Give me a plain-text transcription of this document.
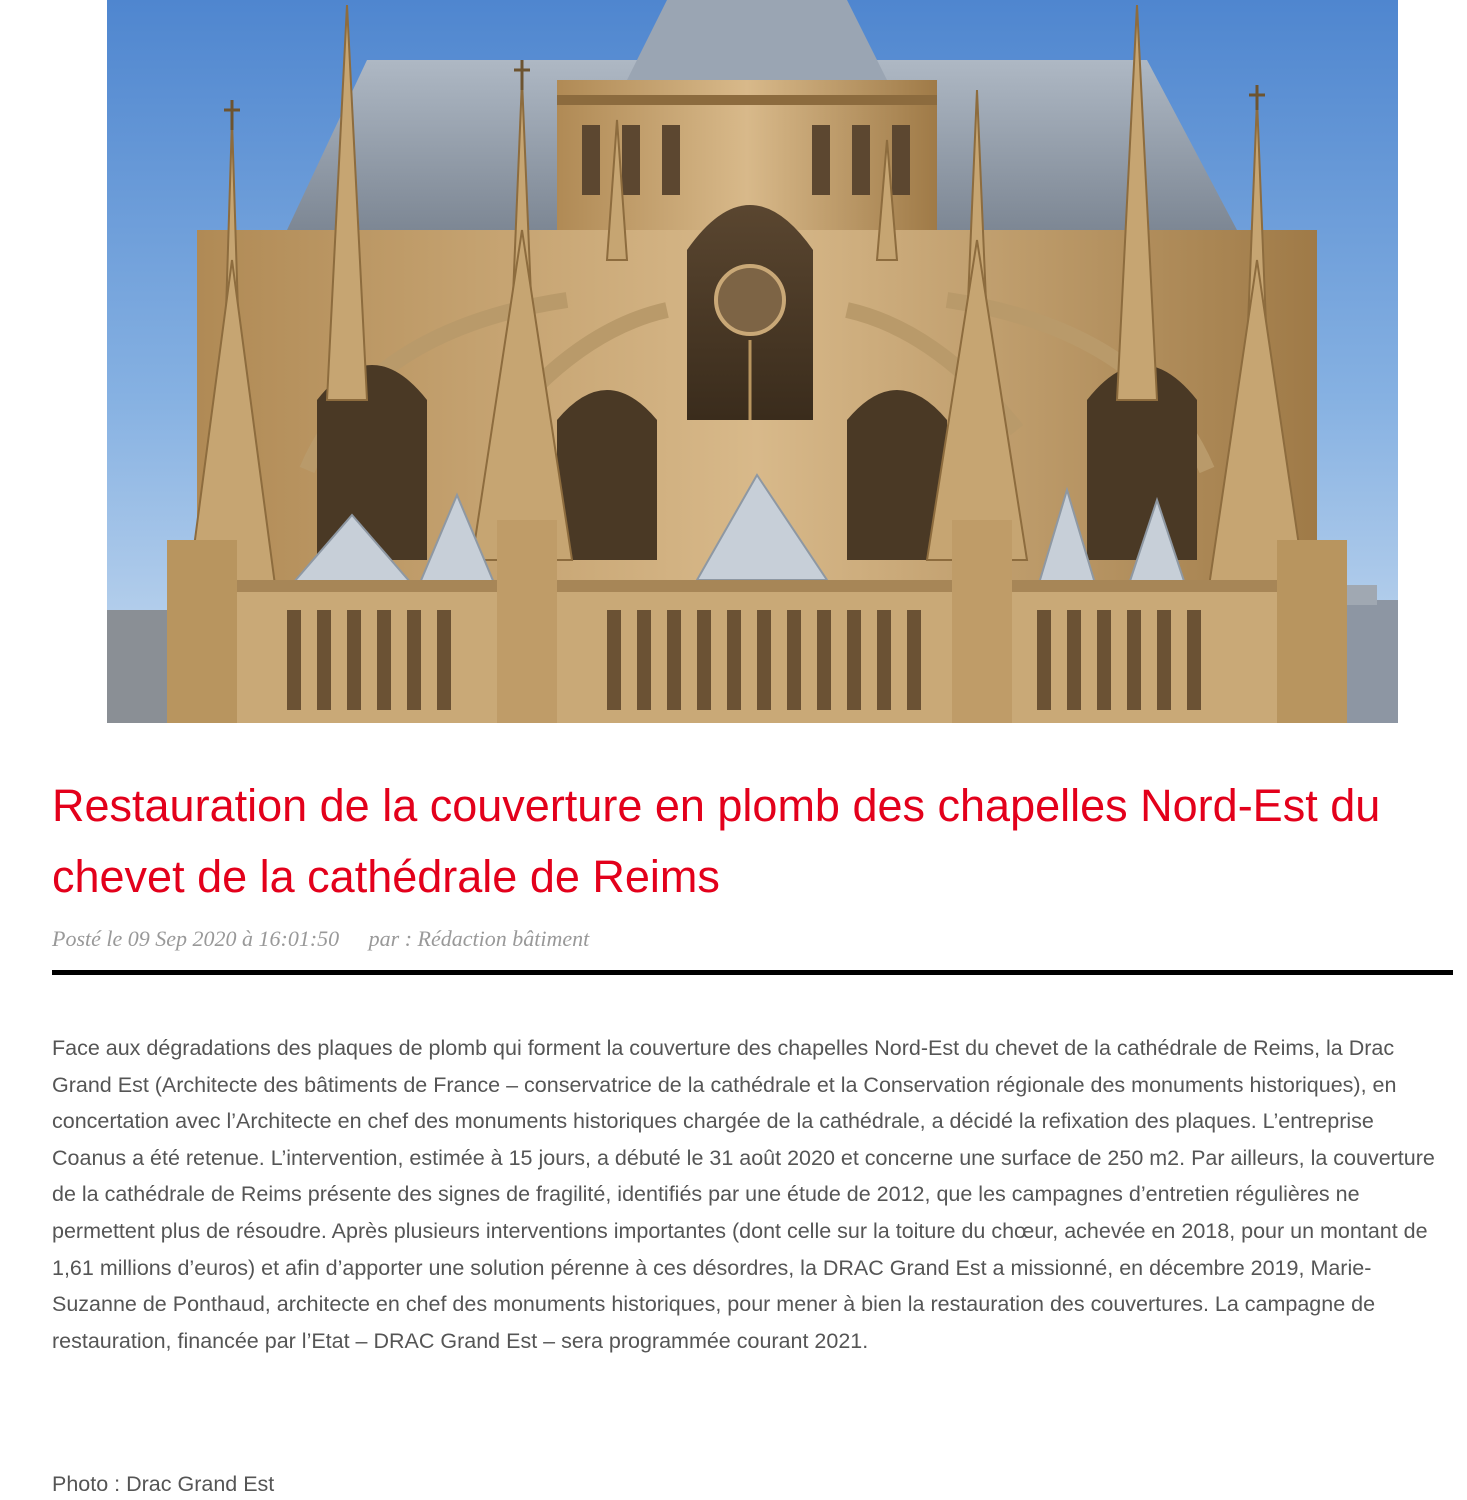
Restauration de la couverture en plomb des chapelles Nord-Est du chevet de la cathédrale de Reims
Posté le 09 Sep 2020 à 16:01:50 par : Rédaction bâtiment

Face aux dégradations des plaques de plomb qui forment la couverture des chapelles Nord-Est du chevet de la cathédrale de Reims, la Drac Grand Est (Architecte des bâtiments de France – conservatrice de la cathédrale et la Conservation régionale des monuments historiques), en concertation avec l’Architecte en chef des monuments historiques chargée de la cathédrale, a décidé la refixation des plaques. L’entreprise Coanus a été retenue. L’intervention, estimée à 15 jours, a débuté le 31 août 2020 et concerne une surface de 250 m2. Par ailleurs, la couverture de la cathédrale de Reims présente des signes de fragilité, identifiés par une étude de 2012, que les campagnes d’entretien régulières ne permettent plus de résoudre. Après plusieurs interventions importantes (dont celle sur la toiture du chœur, achevée en 2018, pour un montant de 1,61 millions d’euros) et afin d’apporter une solution pérenne à ces désordres, la DRAC Grand Est a missionné, en décembre 2019, Marie-Suzanne de Ponthaud, architecte en chef des monuments historiques, pour mener à bien la restauration des couvertures. La campagne de restauration, financée par l’Etat – DRAC Grand Est – sera programmée courant 2021.

Photo : Drac Grand Est
